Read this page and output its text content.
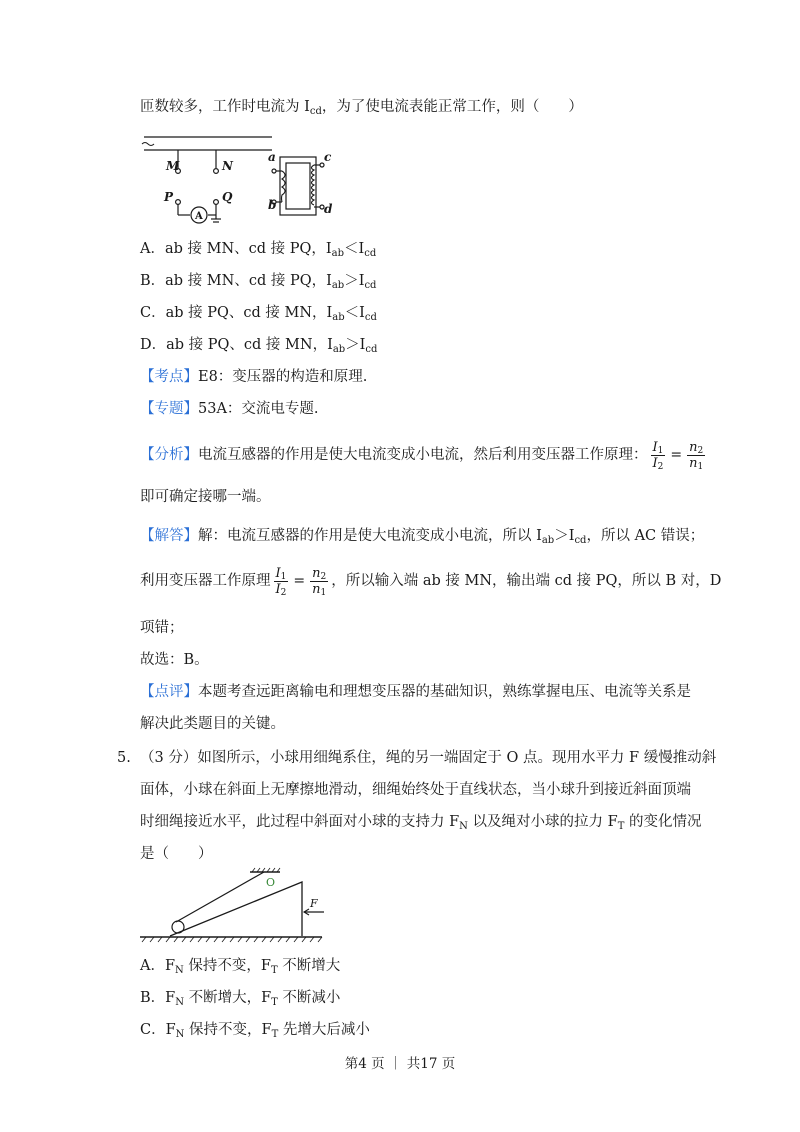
匝数较多，工作时电流为 $I_{cd}$，为了使电流表能正常工作，则（　　）
M	N
P	Q
a
b
c
d
A
A．ab 接 MN、cd 接 PQ，$I_{ab}<I_{cd}$
B．ab 接 MN、cd 接 PQ，$I_{ab}>I_{cd}$
C．ab 接 PQ、cd 接 MN，$I_{ab}<I_{cd}$
D．ab 接 PQ、cd 接 MN，$I_{ab}>I_{cd}$
【考点】E8：变压器的构造和原理.
【专题】53A：交流电专题.
【分析】电流互感器的作用是使大电流变成小电流，然后利用变压器工作原理： $\frac{I_1}{I_2} = \frac{n_2}{n_1}$
即可确定接哪一端。
【解答】解：电流互感器的作用是使大电流变成小电流，所以 $I_{ab}>I_{cd}$，所以 AC 错误；
利用变压器工作原理 $\frac{I_1}{I_2} = \frac{n_2}{n_1}$ ，所以输入端 ab 接 MN，输出端 cd 接 PQ，所以 B 对，D
项错；
故选：B。
【点评】本题考查远距离输电和理想变压器的基础知识，熟练掌握电压、电流等关系是
解决此类题目的关键。
5. （3 分）如图所示，小球用细绳系住，绳的另一端固定于 O 点。现用水平力 F 缓慢推动斜
面体，小球在斜面上无摩擦地滑动，细绳始终处于直线状态，当小球升到接近斜面顶端
时细绳接近水平，此过程中斜面对小球的支持力 $F_N$ 以及绳对小球的拉力 $F_T$ 的变化情况
是（　　）
O
F
A．$F_N$ 保持不变，$F_T$ 不断增大
B．$F_N$ 不断增大，$F_T$ 不断减小
C．$F_N$ 保持不变，$F_T$ 先增大后减小
第4 页 ｜ 共17 页
